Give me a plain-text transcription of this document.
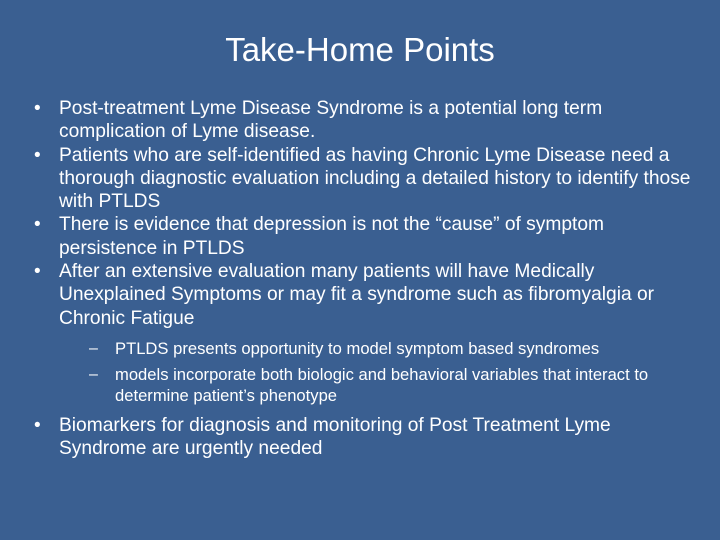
Take-Home Points
• Post-treatment Lyme Disease Syndrome is a potential long term complication of Lyme disease.
• Patients who are self-identified as having Chronic Lyme Disease need a thorough diagnostic evaluation including a detailed history to identify those with PTLDS
• There is evidence that depression is not the “cause” of symptom persistence in PTLDS
• After an extensive evaluation many patients will have Medically Unexplained Symptoms or may fit a syndrome such as fibromyalgia or Chronic Fatigue
–	PTLDS presents opportunity to model symptom based syndromes
–	models incorporate both biologic and behavioral variables that interact to determine patient’s phenotype
• Biomarkers for diagnosis and monitoring of Post Treatment Lyme Syndrome are urgently needed
